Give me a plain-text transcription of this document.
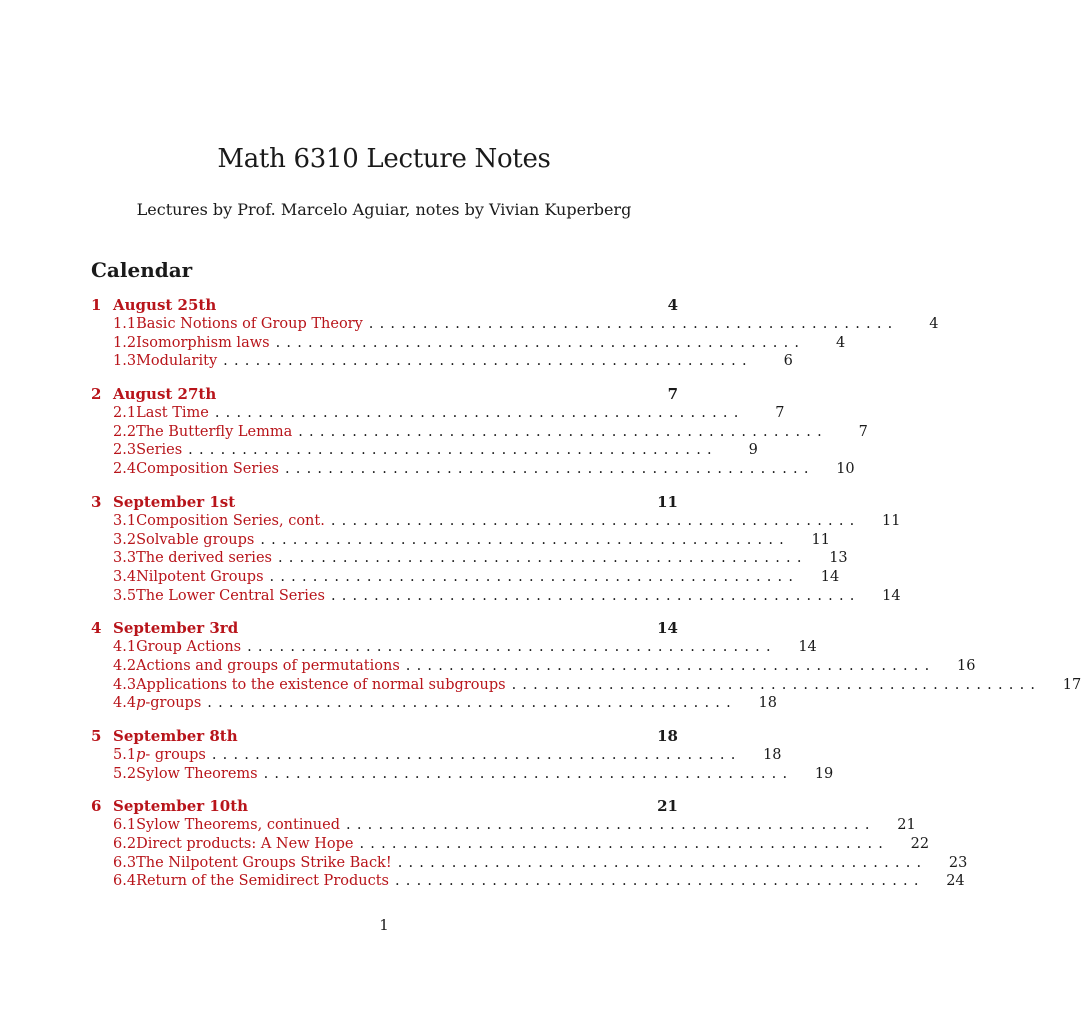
Math 6310 Lecture Notes
Lectures by Prof. Marcelo Aguiar, notes by Vivian Kuperberg
Calendar
1 August 25th	4
1.1 Basic Notions of Group Theory .................................................	4
1.2 Isomorphism laws .................................................	4
1.3 Modularity .................................................	6
2 August 27th	7
2.1 Last Time .................................................	7
2.2 The Butterfly Lemma .................................................	7
2.3 Series .................................................	9
2.4 Composition Series .................................................	10
3 September 1st	11
3.1 Composition Series, cont. .................................................	11
3.2 Solvable groups .................................................	11
3.3 The derived series .................................................	13
3.4 Nilpotent Groups .................................................	14
3.5 The Lower Central Series .................................................	14
4 September 3rd	14
4.1 Group Actions .................................................	14
4.2 Actions and groups of permutations .................................................	16
4.3 Applications to the existence of normal subgroups .................................................	17
4.4 p-groups .................................................	18
5 September 8th	18
5.1 p- groups .................................................	18
5.2 Sylow Theorems .................................................	19
6 September 10th	21
6.1 Sylow Theorems, continued .................................................	21
6.2 Direct products: A New Hope .................................................	22
6.3 The Nilpotent Groups Strike Back! .................................................	23
6.4 Return of the Semidirect Products .................................................	24
1
